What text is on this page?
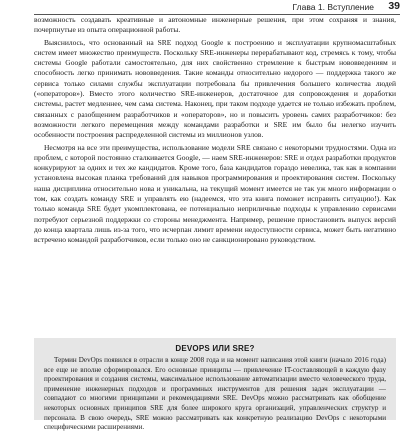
Глава 1. Вступление 39

возможность создавать креативные и автономные инженерные решения, при этом сохраняя и знания, почерпнутые из опыта операционной работы.

Выяснилось, что основанный на SRE подход Google к построению и эксплуатации крупномасштабных систем имеет множество преимуществ. Поскольку SRE-инженеры перерабатывают код, стремясь к тому, чтобы системы Google работали самостоятельно, для них свойственно стремление к быстрым нововведениям и способность легко принимать нововведения. Такие команды относительно недорого — поддержка такого же сервиса только силами службы эксплуатации потребовала бы привлечения большего количества людей («операторов»). Вместо этого количество SRE-инженеров, достаточное для сопровождения и доработки системы, растет медленнее, чем сама система. Наконец, при таком подходе удается не только избежать проблем, связанных с разобщением разработчиков и «операторов», но и повысить уровень самих разработчиков: без возможности легкого перемещения между командами разработки и SRE им было бы нелегко изучить особенности построения распределенной системы из миллионов узлов.

Несмотря на все эти преимущества, использование модели SRE связано с некоторыми трудностями. Одна из проблем, с которой постоянно сталкивается Google, — наем SRE-инженеров: SRE и отдел разработки продуктов конкурируют за одних и тех же кандидатов. Кроме того, база кандидатов гораздо невелика, так как в компании установлена высокая планка требований для навыков программирования и проектирования систем. Поскольку наша дисциплина относительно нова и уникальна, на текущий момент имеется не так уж много информации о том, как создать команду SRE и управлять ею (надеемся, что эта книга поможет исправить ситуацию!). Как только команда SRE будет укомплектована, ее потенциально неприличные подходы к управлению сервисами потребуют серьезной поддержки со стороны менеджмента. Например, решение приостановить выпуск версий до конца квартала лишь из-за того, что исчерпан лимит времени недоступности сервиса, может быть негативно встречено командой разработчиков, если только оно не санкционировано руководством.

DEVOPS ИЛИ SRE?

Термин DevOps появился в отрасли в конце 2008 года и на момент написания этой книги (начало 2016 года) все еще не вполне сформировался. Его основные принципы — привлечение IT-составляющей в каждую фазу проектирования и создания системы, максимальное использование автоматизации вместо человеческого труда, применение инженерных подходов и программных инструментов для решения задач эксплуатации — совпадают со многими принципами и рекомендациями SRE. DevOps можно рассматривать как обобщение некоторых основных принципов SRE для более широкого круга организаций, управленческих структур и персонала. В свою очередь, SRE можно рассматривать как конкретную реализацию DevOps с некоторыми специфическими расширениями.
